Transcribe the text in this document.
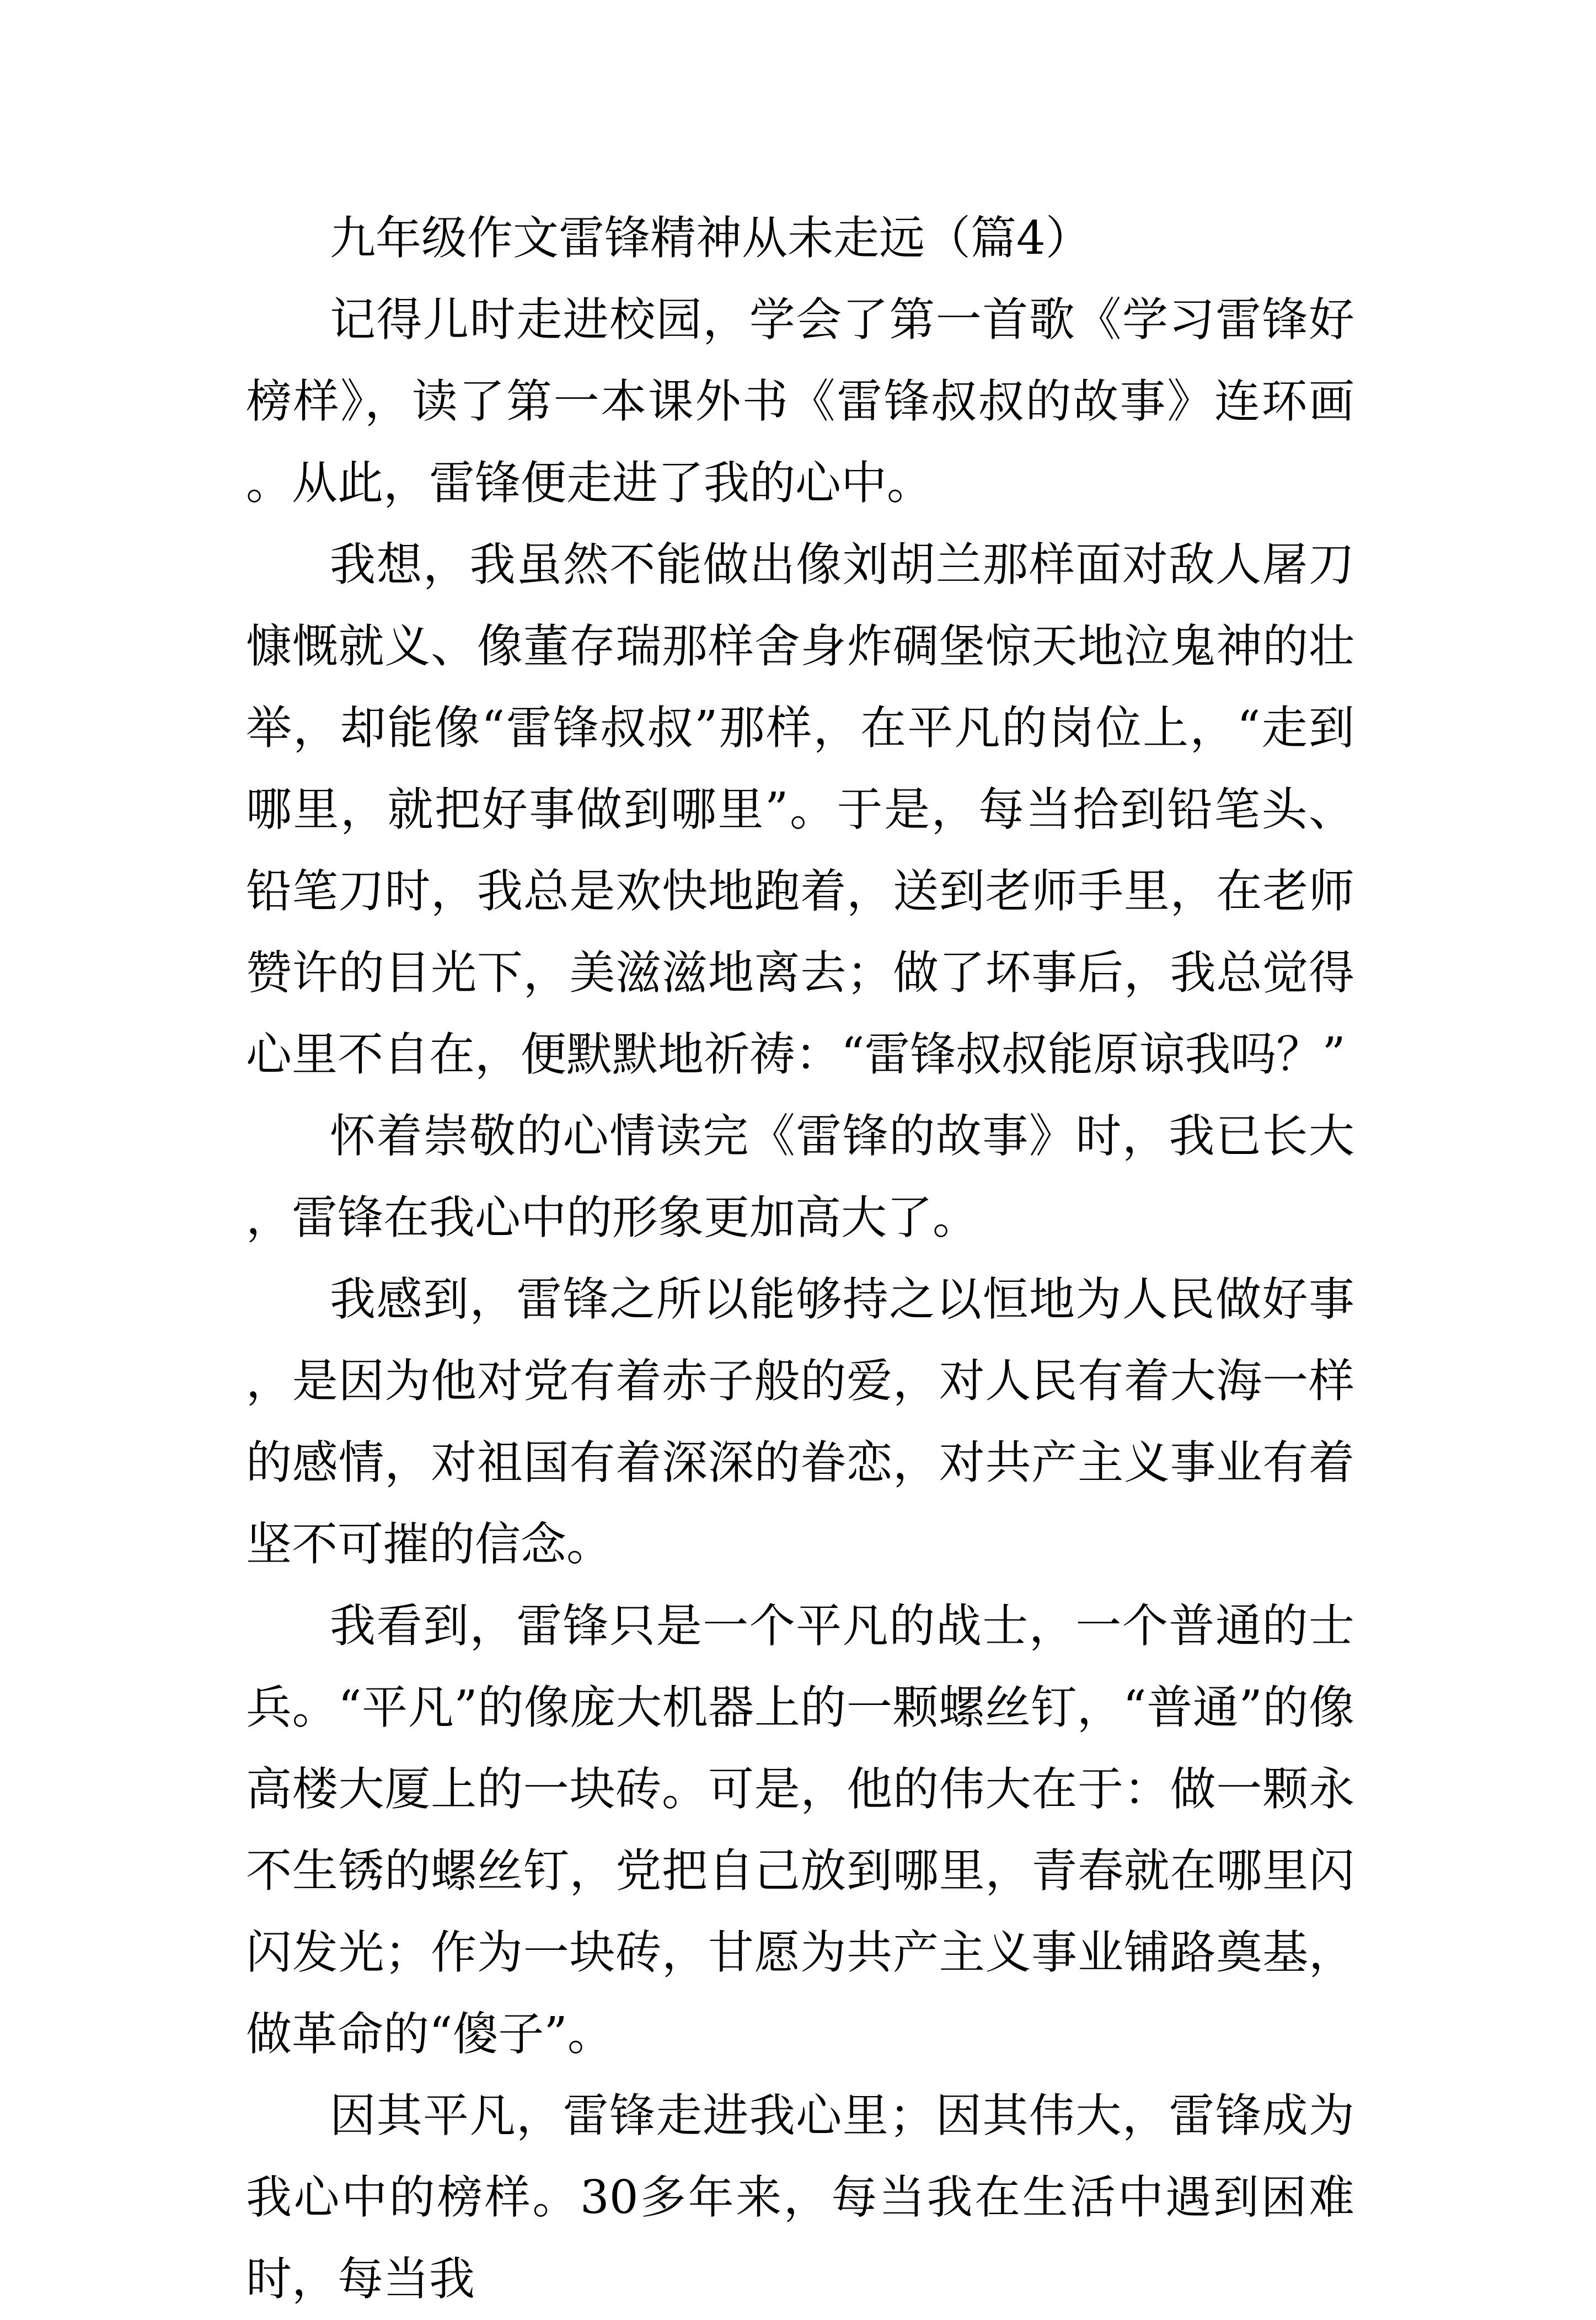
九年级作文雷锋精神从未走远（篇4）

记得儿时走进校园，学会了第一首歌《学习雷锋好榜样》，读了第一本课外书《雷锋叔叔的故事》连环画。从此，雷锋便走进了我的心中。

我想，我虽然不能做出像刘胡兰那样面对敌人屠刀慷慨就义、像董存瑞那样舍身炸碉堡惊天地泣鬼神的壮举，却能像“雷锋叔叔”那样，在平凡的岗位上，“走到哪里，就把好事做到哪里”。于是，每当拾到铅笔头、铅笔刀时，我总是欢快地跑着，送到老师手里，在老师赞许的目光下，美滋滋地离去；做了坏事后，我总觉得心里不自在，便默默地祈祷：“雷锋叔叔能原谅我吗？”

怀着崇敬的心情读完《雷锋的故事》时，我已长大，雷锋在我心中的形象更加高大了。

我感到，雷锋之所以能够持之以恒地为人民做好事，是因为他对党有着赤子般的爱，对人民有着大海一样的感情，对祖国有着深深的眷恋，对共产主义事业有着坚不可摧的信念。

我看到，雷锋只是一个平凡的战士，一个普通的士兵。“平凡”的像庞大机器上的一颗螺丝钉，“普通”的像高楼大厦上的一块砖。可是，他的伟大在于：做一颗永不生锈的螺丝钉，党把自己放到哪里，青春就在哪里闪闪发光；作为一块砖，甘愿为共产主义事业铺路奠基，做革命的“傻子”。

因其平凡，雷锋走进我心里；因其伟大，雷锋成为我心中的榜样。30多年来，每当我在生活中遇到困难时，每当我
